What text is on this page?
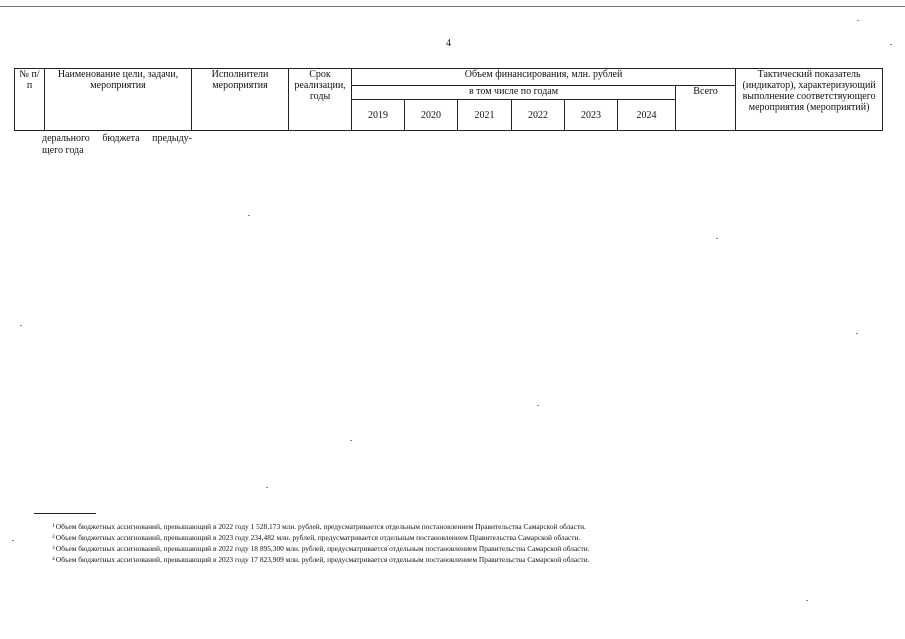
4
№ п/п	Наименование цели, задачи, мероприятия	Исполнители мероприятия	Срок реализации, годы	Объем финансирования, млн. рублей							Тактический показатель (индикатор), характеризующий выполнение соответствующего мероприятия (мероприятий)
				в том числе по годам						Всего	
				2019	2020	2021	2022	2023	2024		
дерального бюджета предыду-щего года

$^1$Объем бюджетных ассигнований, превышающий в 2022 году 1 528,173 млн. рублей, предусматривается отдельным постановлением Правительства Самарской области.

$^2$Объем бюджетных ассигнований, превышающий в 2023 году 234,482 млн. рублей, предусматривается отдельным постановлением Правительства Самарской области.

$^3$Объем бюджетных ассигнований, превышающий в 2022 году 18 895,300 млн. рублей, предусматривается отдельным постановлением Правительства Самарской области.

$^4$Объем бюджетных ассигнований, превышающий в 2023 году 17 823,909 млн. рублей, предусматривается отдельным постановлением Правительства Самарской области.
